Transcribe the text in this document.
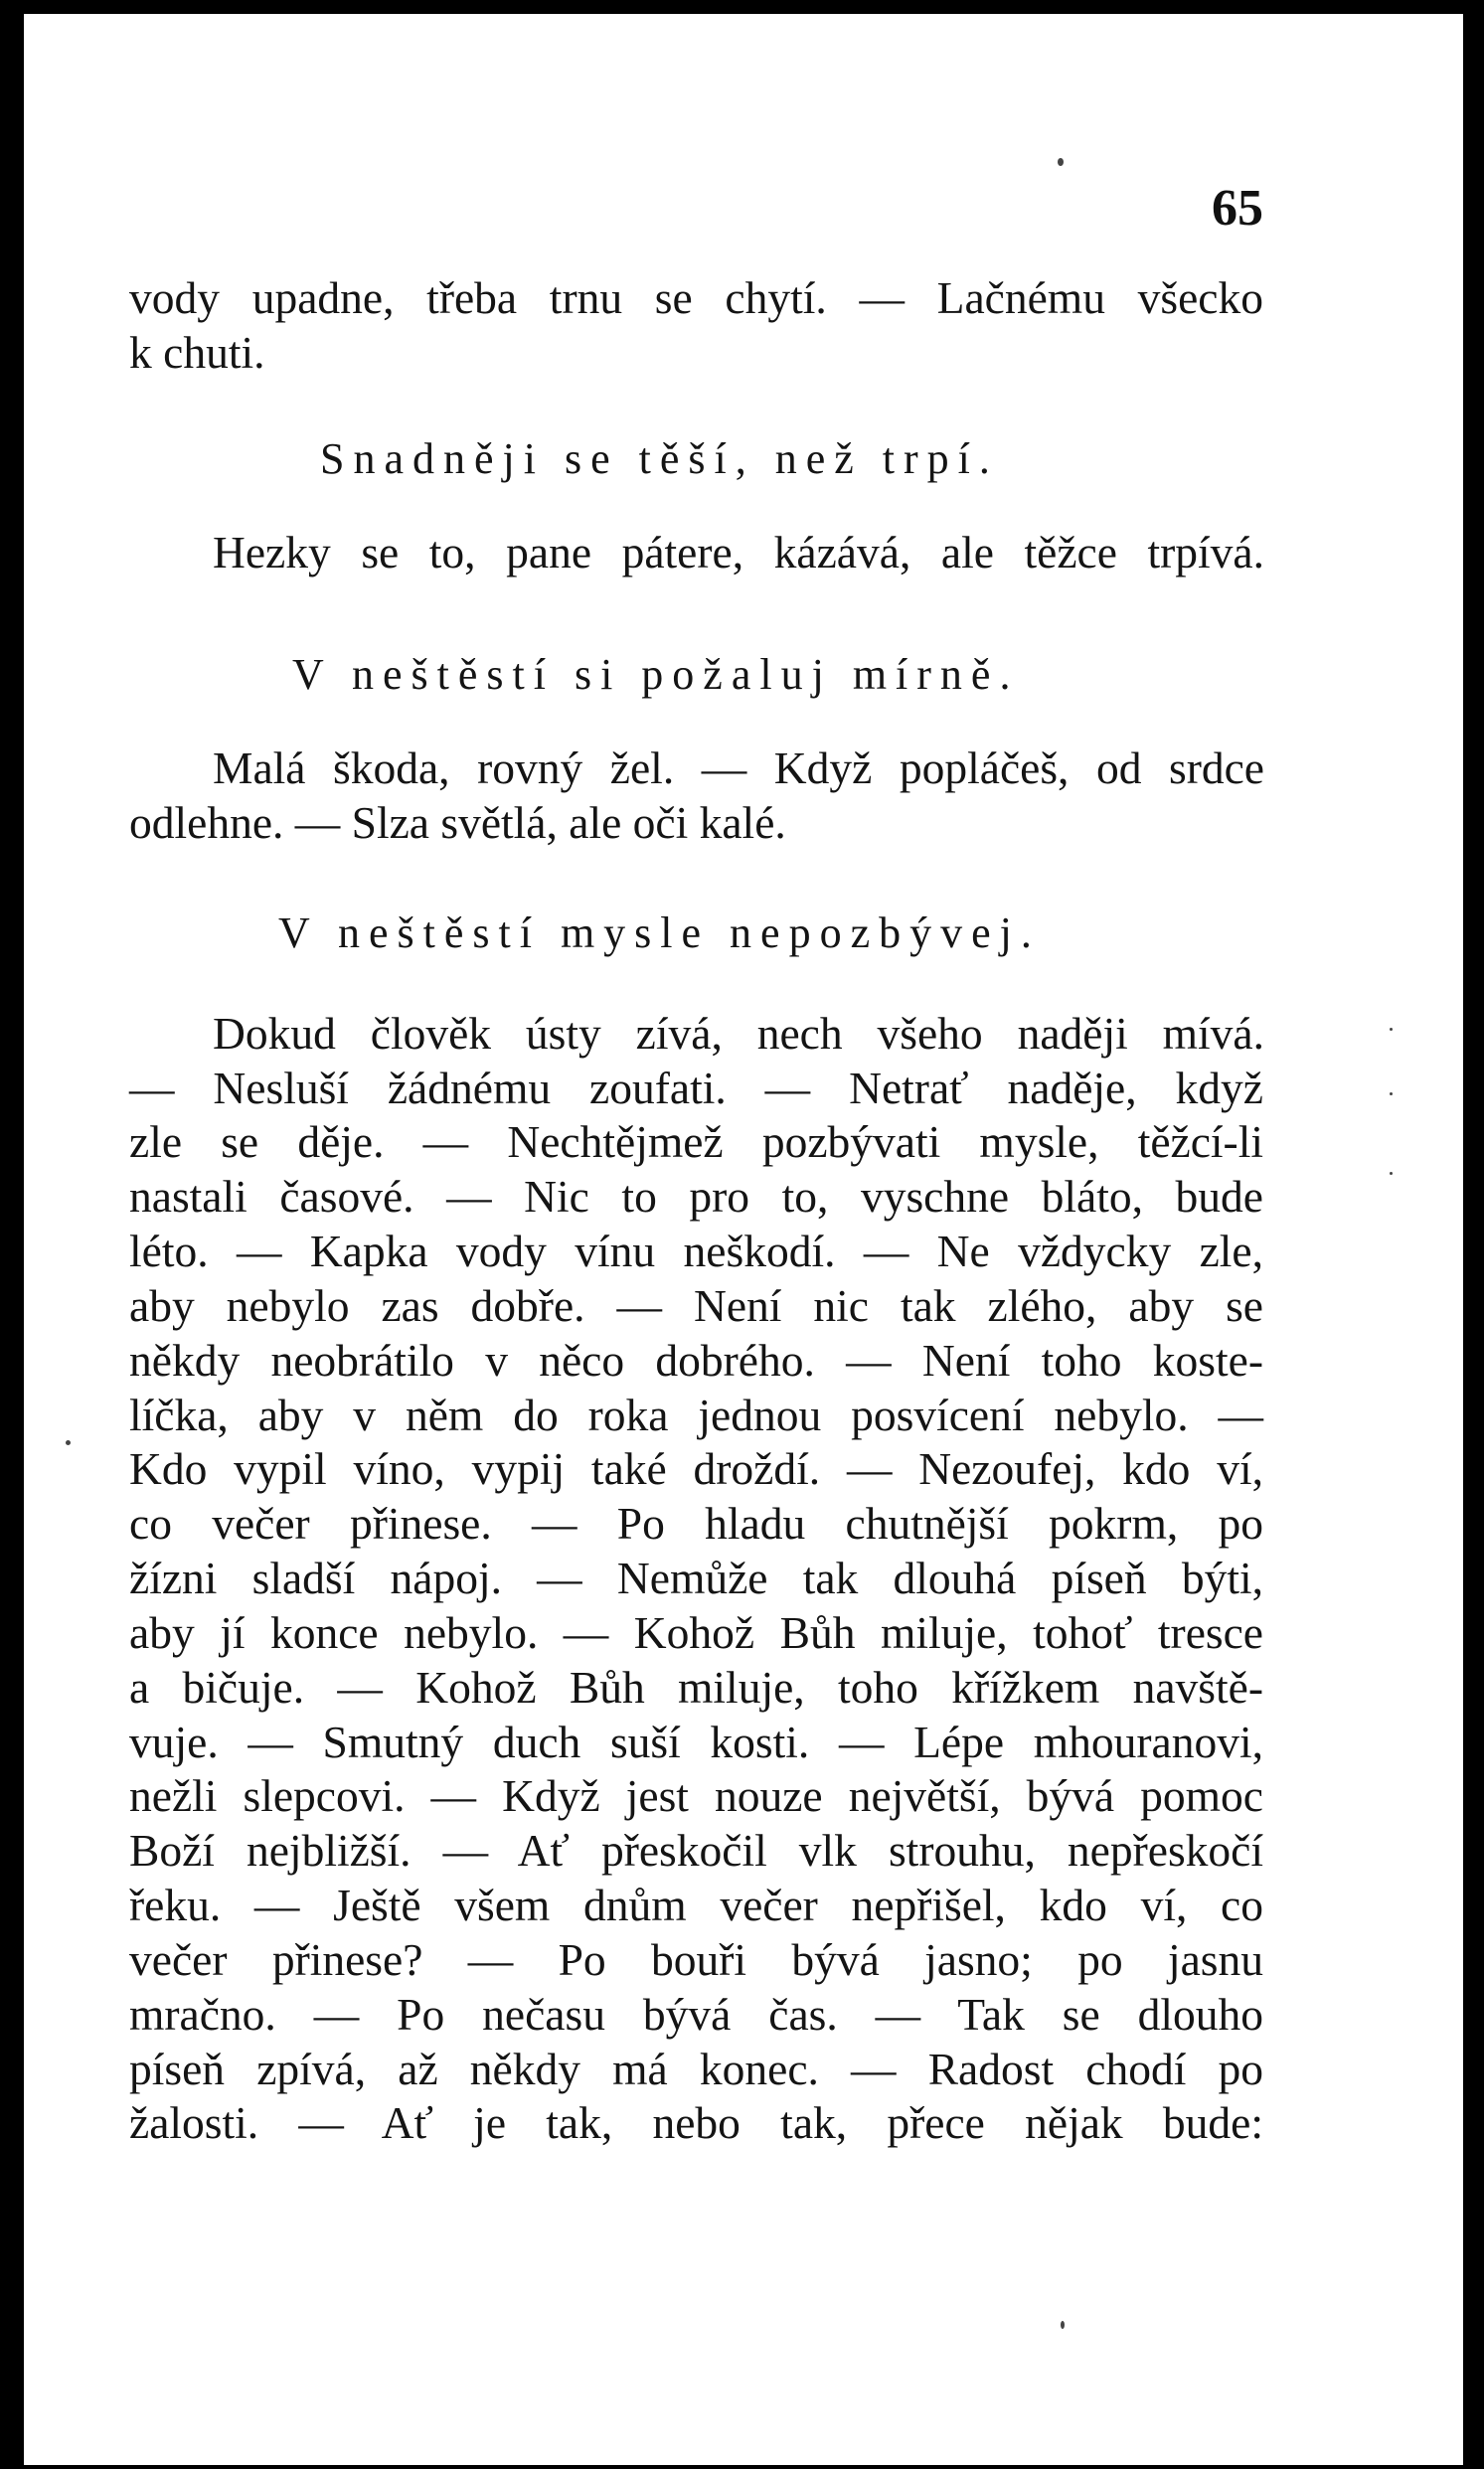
65
vody upadne, třeba trnu se chytí. — Lačnému všecko
k chuti.
Snadněji se těší, než trpí.
Hezky se to, pane pátere, kázává, ale těžce trpívá.
V neštěstí si požaluj mírně.
Malá škoda, rovný žel. — Když popláčeš, od srdce
odlehne. — Slza světlá, ale oči kalé.
V neštěstí mysle nepozbývej.
Dokud člověk ústy zívá, nech všeho naději mívá.
— Nesluší žádnému zoufati. — Netrať naděje, když
zle se děje. — Nechtějmež pozbývati mysle, těžcí-li
nastali časové. — Nic to pro to, vyschne bláto, bude
léto. — Kapka vody vínu neškodí. — Ne vždycky zle,
aby nebylo zas dobře. — Není nic tak zlého, aby se
někdy neobrátilo v něco dobrého. — Není toho koste-
líčka, aby v něm do roka jednou posvícení nebylo. —
Kdo vypil víno, vypij také droždí. — Nezoufej, kdo ví,
co večer přinese. — Po hladu chutnější pokrm, po
žízni sladší nápoj. — Nemůže tak dlouhá píseň býti,
aby jí konce nebylo. — Kohož Bůh miluje, tohoť tresce
a bičuje. — Kohož Bůh miluje, toho křížkem navště-
vuje. — Smutný duch suší kosti. — Lépe mhouranovi,
nežli slepcovi. — Když jest nouze největší, bývá pomoc
Boží nejbližší. — Ať přeskočil vlk strouhu, nepřeskočí
řeku. — Ještě všem dnům večer nepřišel, kdo ví, co
večer přinese? — Po bouři bývá jasno; po jasnu
mračno. — Po nečasu bývá čas. — Tak se dlouho
píseň zpívá, až někdy má konec. — Radost chodí po
žalosti. — Ať je tak, nebo tak, přece nějak bude:
